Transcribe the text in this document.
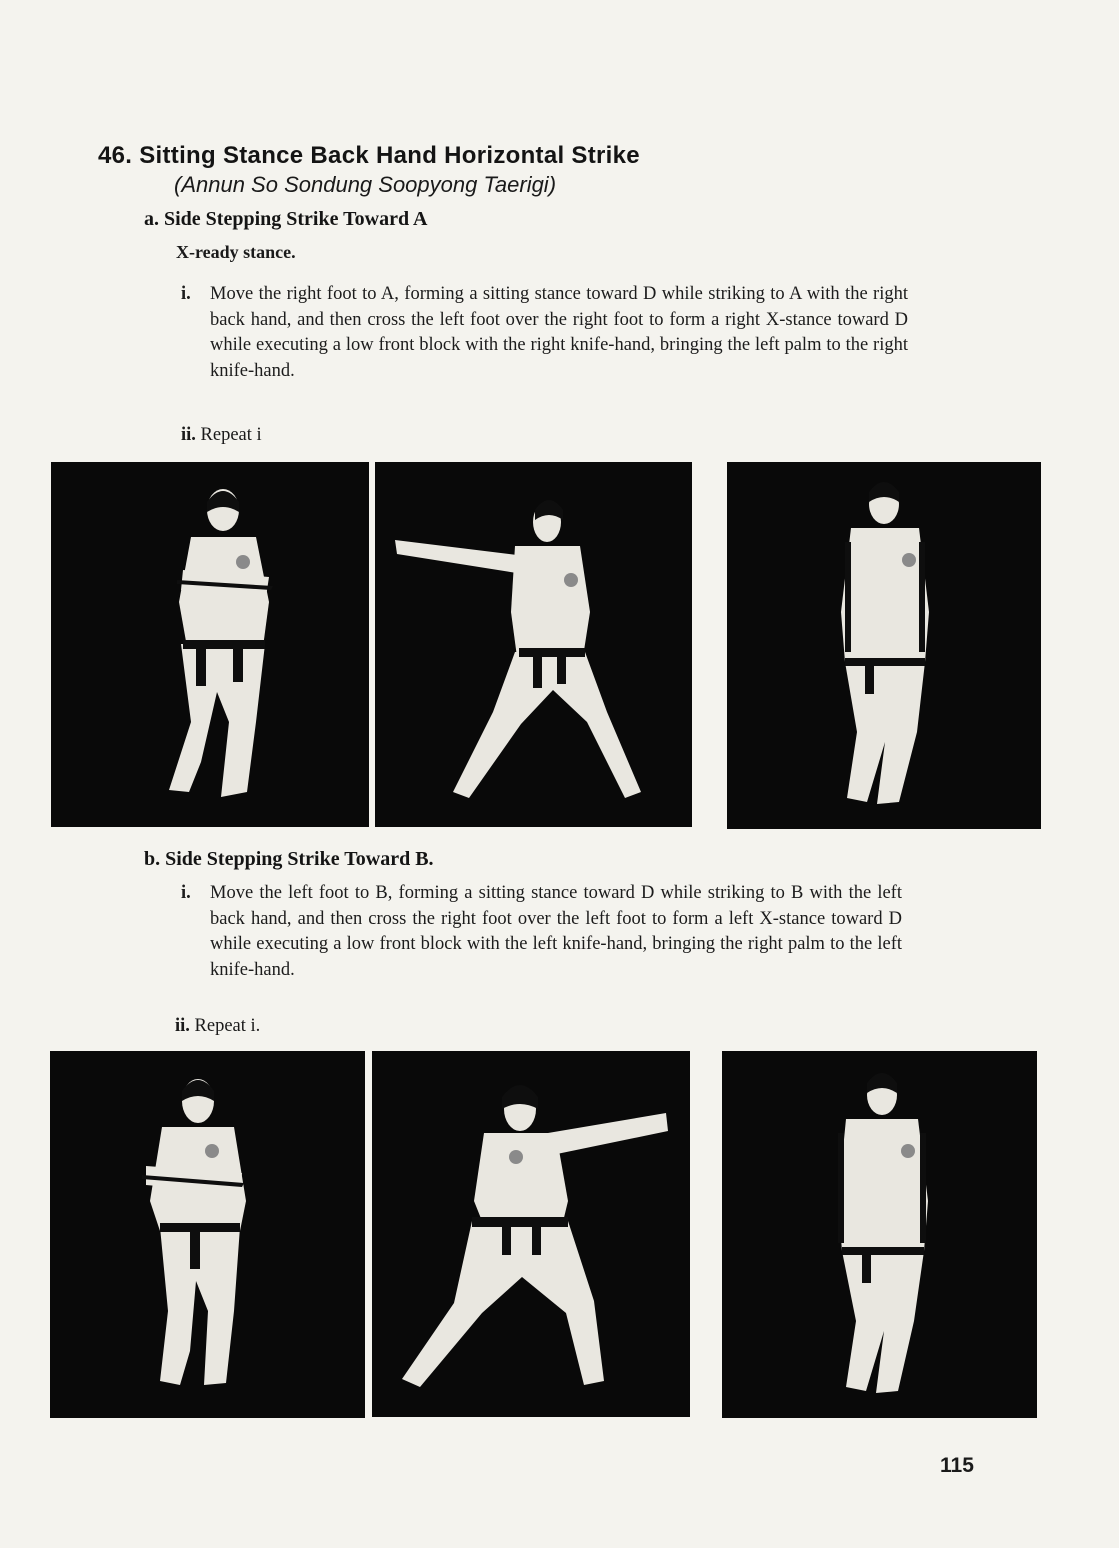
46. Sitting Stance Back Hand Horizontal Strike
(Annun So Sondung Soopyong Taerigi)
a. Side Stepping Strike Toward A
X-ready stance.
i.	Move the right foot to A, forming a sitting stance toward D while striking to A with the right back hand, and then cross the left foot over the right foot to form a right X-stance toward D while executing a low front block with the right knife-hand, bringing the left palm to the right knife-hand.
ii. Repeat i
b. Side Stepping Strike Toward B.
i.	Move the left foot to B, forming a sitting stance toward D while striking to B with the left back hand, and then cross the right foot over the left foot to form a left X-stance toward D while executing a low front block with the left knife-hand, bringing the right palm to the left knife-hand.
ii. Repeat i.
115
